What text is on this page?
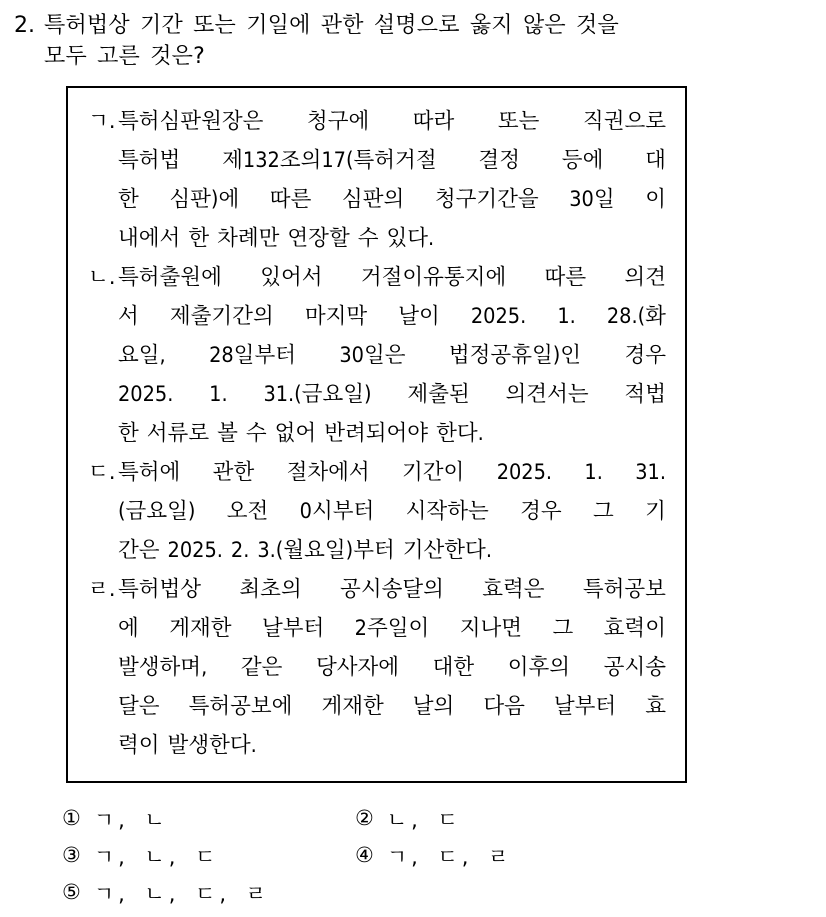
2. 특허법상 기간 또는 기일에 관한 설명으로 옳지 않은 것을
모두 고른 것은?
ㄱ. 특허심판원장은 청구에 따라 또는 직권으로
특허법 제132조의17(특허거절 결정 등에 대
한 심판)에 따른 심판의 청구기간을 30일 이
내에서 한 차례만 연장할 수 있다.
ㄴ. 특허출원에 있어서 거절이유통지에 따른 의견
서 제출기간의 마지막 날이 2025. 1. 28.(화
요일, 28일부터 30일은 법정공휴일)인 경우
2025. 1. 31.(금요일) 제출된 의견서는 적법
한 서류로 볼 수 없어 반려되어야 한다.
ㄷ. 특허에 관한 절차에서 기간이 2025. 1. 31.
(금요일) 오전 0시부터 시작하는 경우 그 기
간은 2025. 2. 3.(월요일)부터 기산한다.
ㄹ. 특허법상 최초의 공시송달의 효력은 특허공보
에 게재한 날부터 2주일이 지나면 그 효력이
발생하며, 같은 당사자에 대한 이후의 공시송
달은 특허공보에 게재한 날의 다음 날부터 효
력이 발생한다.
① ㄱ, ㄴ	② ㄴ, ㄷ
③ ㄱ, ㄴ, ㄷ	④ ㄱ, ㄷ, ㄹ
⑤ ㄱ, ㄴ, ㄷ, ㄹ
